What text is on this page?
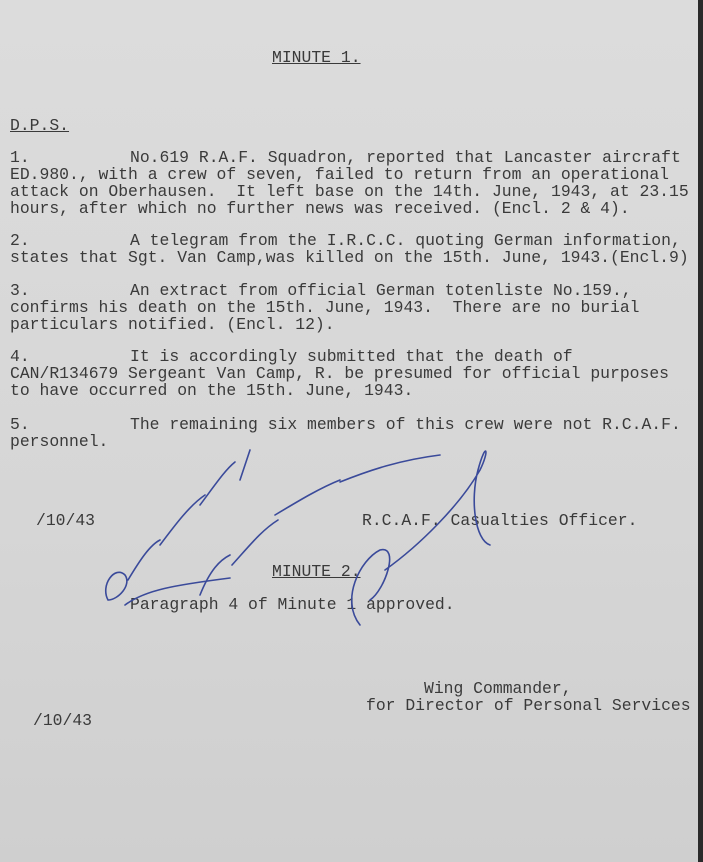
MINUTE 1.
D.P.S.
1.	No.619 R.A.F. Squadron, reported that Lancaster aircraft
ED.980., with a crew of seven, failed to return from an operational
attack on Oberhausen.  It left base on the 14th. June, 1943, at 23.15
hours, after which no further news was received. (Encl. 2 & 4).
2.	A telegram from the I.R.C.C. quoting German information,
states that Sgt. Van Camp,was killed on the 15th. June, 1943.(Encl.9)
3.	An extract from official German totenliste No.159.,
confirms his death on the 15th. June, 1943.  There are no burial
particulars notified. (Encl. 12).
4.	It is accordingly submitted that the death of
CAN/R134679 Sergeant Van Camp, R. be presumed for official purposes
to have occurred on the 15th. June, 1943.
5.	The remaining six members of this crew were not R.C.A.F.
personnel.
/10/43	R.C.A.F. Casualties Officer.
MINUTE 2.
Paragraph 4 of Minute 1 approved.
Wing Commander,
for Director of Personal Services
/10/43
